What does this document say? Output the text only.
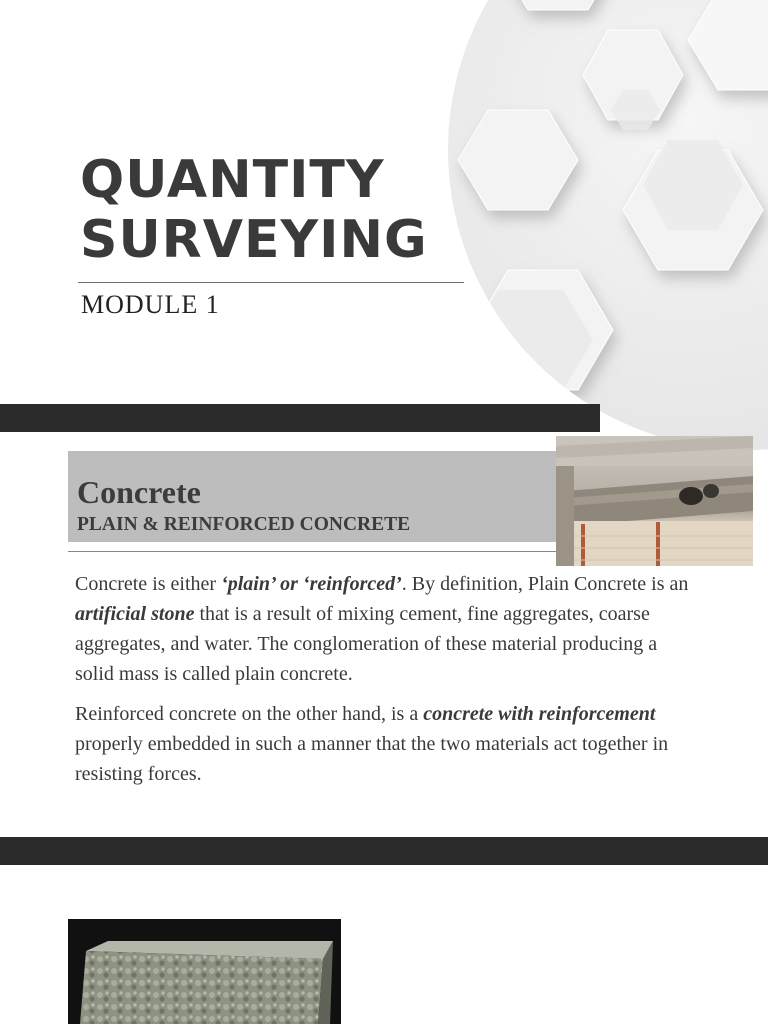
QUANTITY
SURVEYING
MODULE 1
Concrete
PLAIN & REINFORCED CONCRETE

Concrete is either ‘plain’ or ‘reinforced’. By definition, Plain Concrete is an artificial stone that is a result of mixing cement, fine aggregates, coarse aggregates, and water. The conglomeration of these material producing a solid mass is called plain concrete.

Reinforced concrete on the other hand, is a concrete with reinforcement properly embedded in such a manner that the two materials act together in resisting forces.
